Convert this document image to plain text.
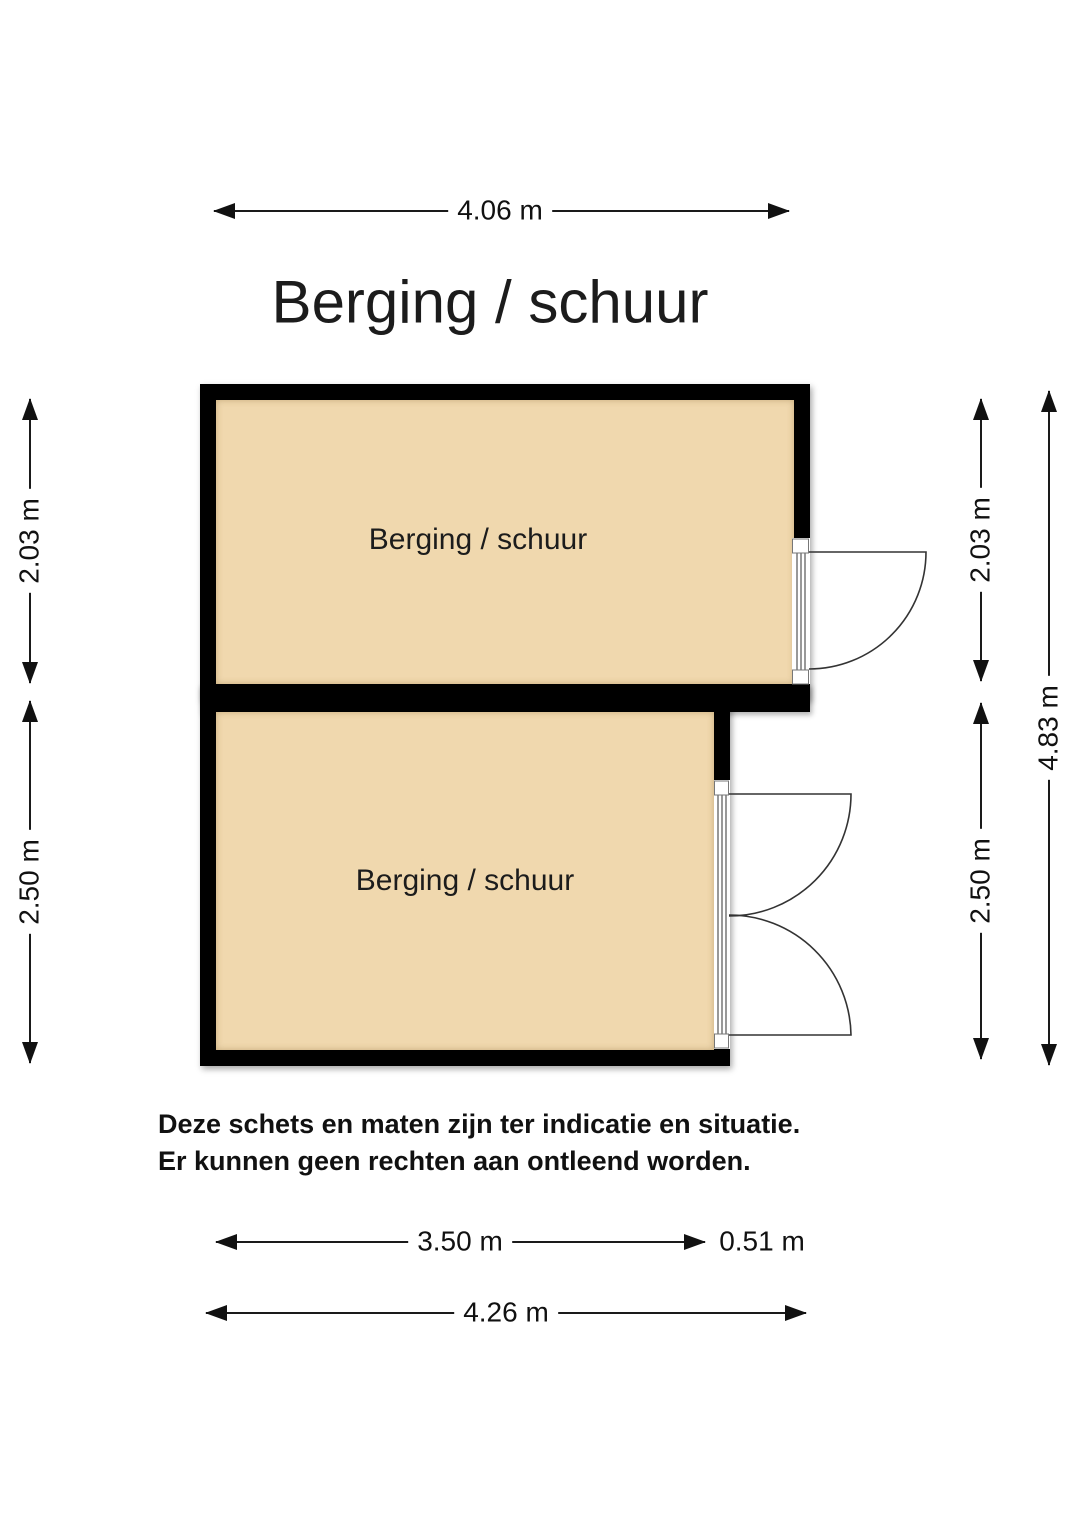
4.06 m
Berging / schuur
Berging / schuur
Berging / schuur
2.03 m
2.50 m
2.03 m
2.50 m
4.83 m
3.50 m	0.51 m
4.26 m
Deze schets en maten zijn ter indicatie en situatie.
Er kunnen geen rechten aan ontleend worden.
